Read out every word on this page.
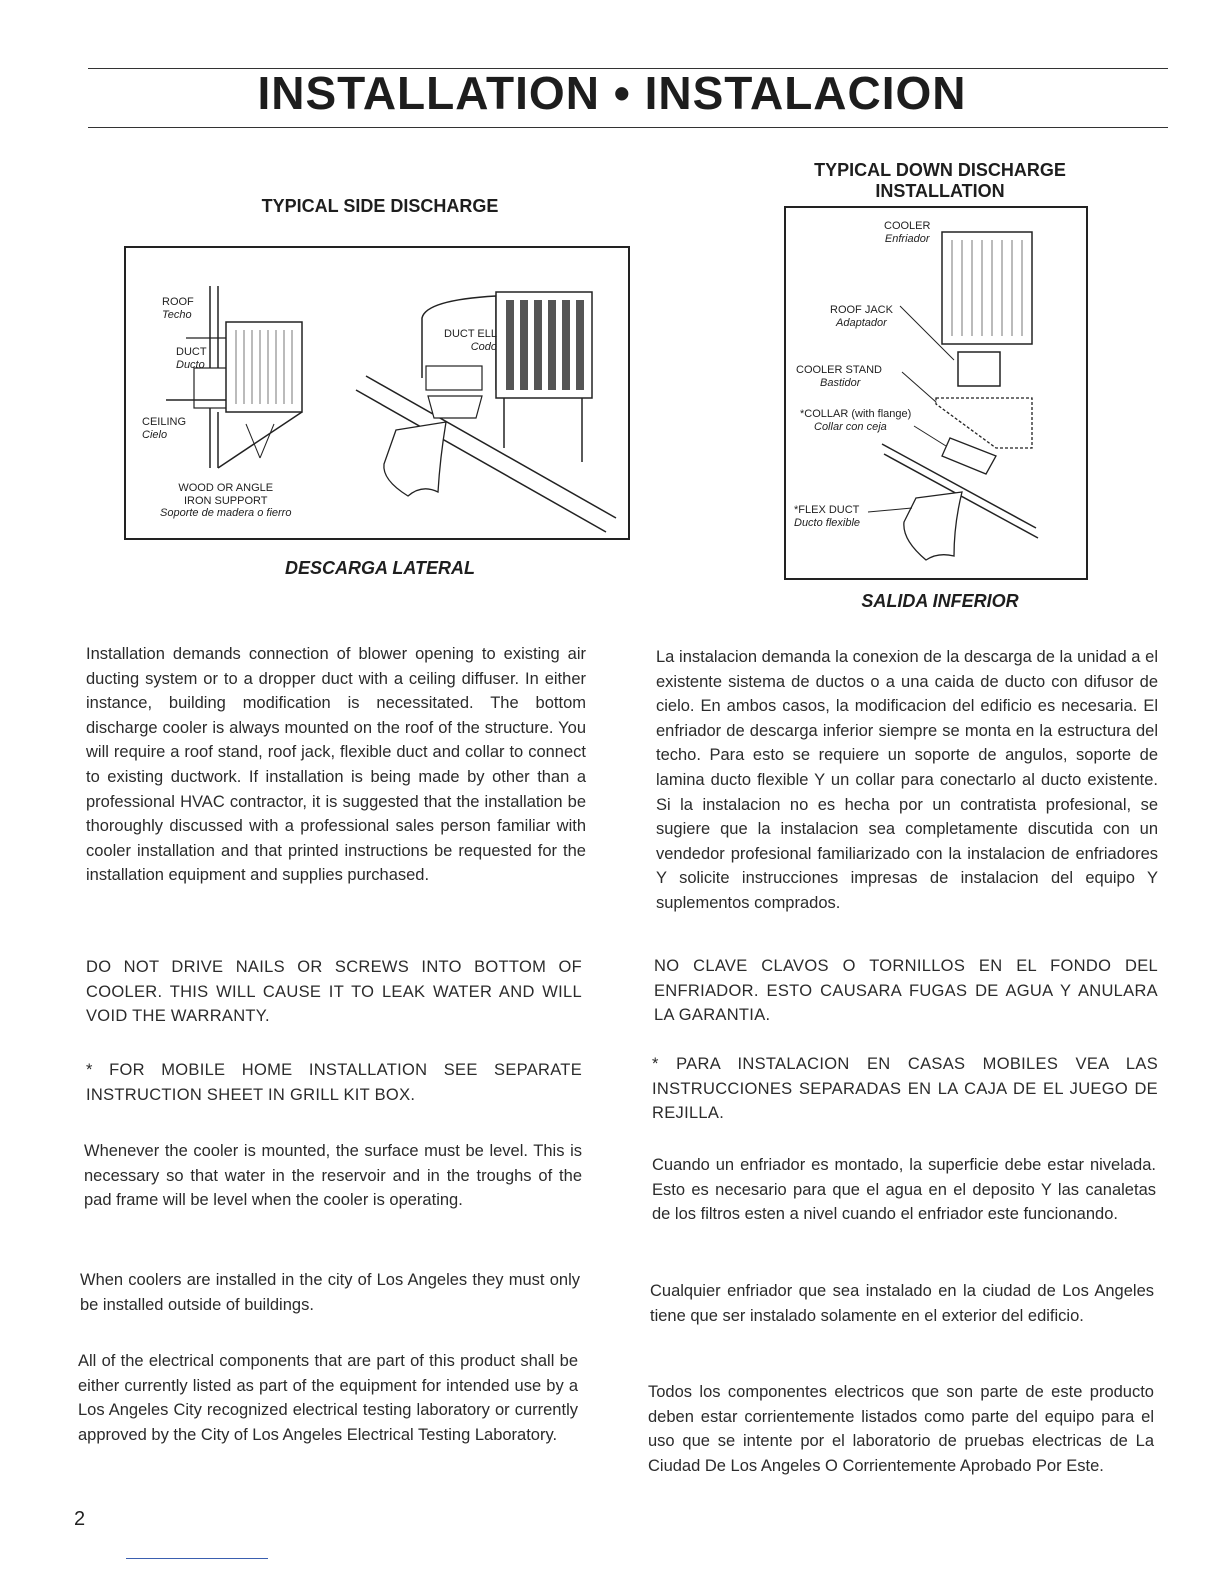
INSTALLATION • INSTALACION
TYPICAL SIDE DISCHARGE
ROOF
Techo
DUCT
Ducto
CEILING
Cielo
WOOD OR ANGLE
IRON SUPPORT
Soporte de madera o fierro
DUCT ELL
Codo
DESCARGA LATERAL
TYPICAL DOWN DISCHARGE
INSTALLATION
COOLER
Enfriador
ROOF JACK
Adaptador
COOLER STAND
Bastidor
*COLLAR (with flange)
Collar con ceja
*FLEX DUCT
Ducto flexible
SALIDA INFERIOR

Installation demands connection of blower opening to existing air ducting system or to a dropper duct with a ceiling diffuser. In either instance, building modification is necessitated. The bottom discharge cooler is always mounted on the roof of the structure. You will require a roof stand, roof jack, flexible duct and collar to connect to existing ductwork. If installation is being made by other than a professional HVAC contractor, it is suggested that the installation be thoroughly discussed with a professional sales person familiar with cooler installation and that printed instructions be requested for the installation equipment and supplies purchased.

DO NOT DRIVE NAILS OR SCREWS INTO BOTTOM OF COOLER. THIS WILL CAUSE IT TO LEAK WATER AND WILL VOID THE WARRANTY.

* FOR MOBILE HOME INSTALLATION SEE SEPARATE INSTRUCTION SHEET IN GRILL KIT BOX.

Whenever the cooler is mounted, the surface must be level. This is necessary so that water in the reservoir and in the troughs of the pad frame will be level when the cooler is operating.

When coolers are installed in the city of Los Angeles they must only be installed outside of buildings.

All of the electrical components that are part of this product shall be either currently listed as part of the equipment for intended use by a Los Angeles City recognized electrical testing laboratory or currently approved by the City of Los Angeles Electrical Testing Laboratory.

La instalacion demanda la conexion de la descarga de la unidad a el existente sistema de ductos o a una caida de ducto con difusor de cielo. En ambos casos, la modificacion del edificio es necesaria. El enfriador de descarga inferior siempre se monta en la estructura del techo. Para esto se requiere un soporte de angulos, soporte de lamina ducto flexible Y un collar para conectarlo al ducto existente. Si la instalacion no es hecha por un contratista profesional, se sugiere que la instalacion sea completamente discutida con un vendedor profesional familiarizado con la instalacion de enfriadores Y solicite instrucciones impresas de instalacion del equipo Y suplementos comprados.

NO CLAVE CLAVOS O TORNILLOS EN EL FONDO DEL ENFRIADOR. ESTO CAUSARA FUGAS DE AGUA Y ANULARA LA GARANTIA.

* PARA INSTALACION EN CASAS MOBILES VEA LAS INSTRUCCIONES SEPARADAS EN LA CAJA DE EL JUEGO DE REJILLA.

Cuando un enfriador es montado, la superficie debe estar nivelada. Esto es necesario para que el agua en el deposito Y las canaletas de los filtros esten a nivel cuando el enfriador este funcionando.

Cualquier enfriador que sea instalado en la ciudad de Los Angeles tiene que ser instalado solamente en el exterior del edificio.

Todos los componentes electricos que son parte de este producto deben estar corrientemente listados como parte del equipo para el uso que se intente por el laboratorio de pruebas electricas de La Ciudad De Los Angeles O Corrientemente Aprobado Por Este.

2
